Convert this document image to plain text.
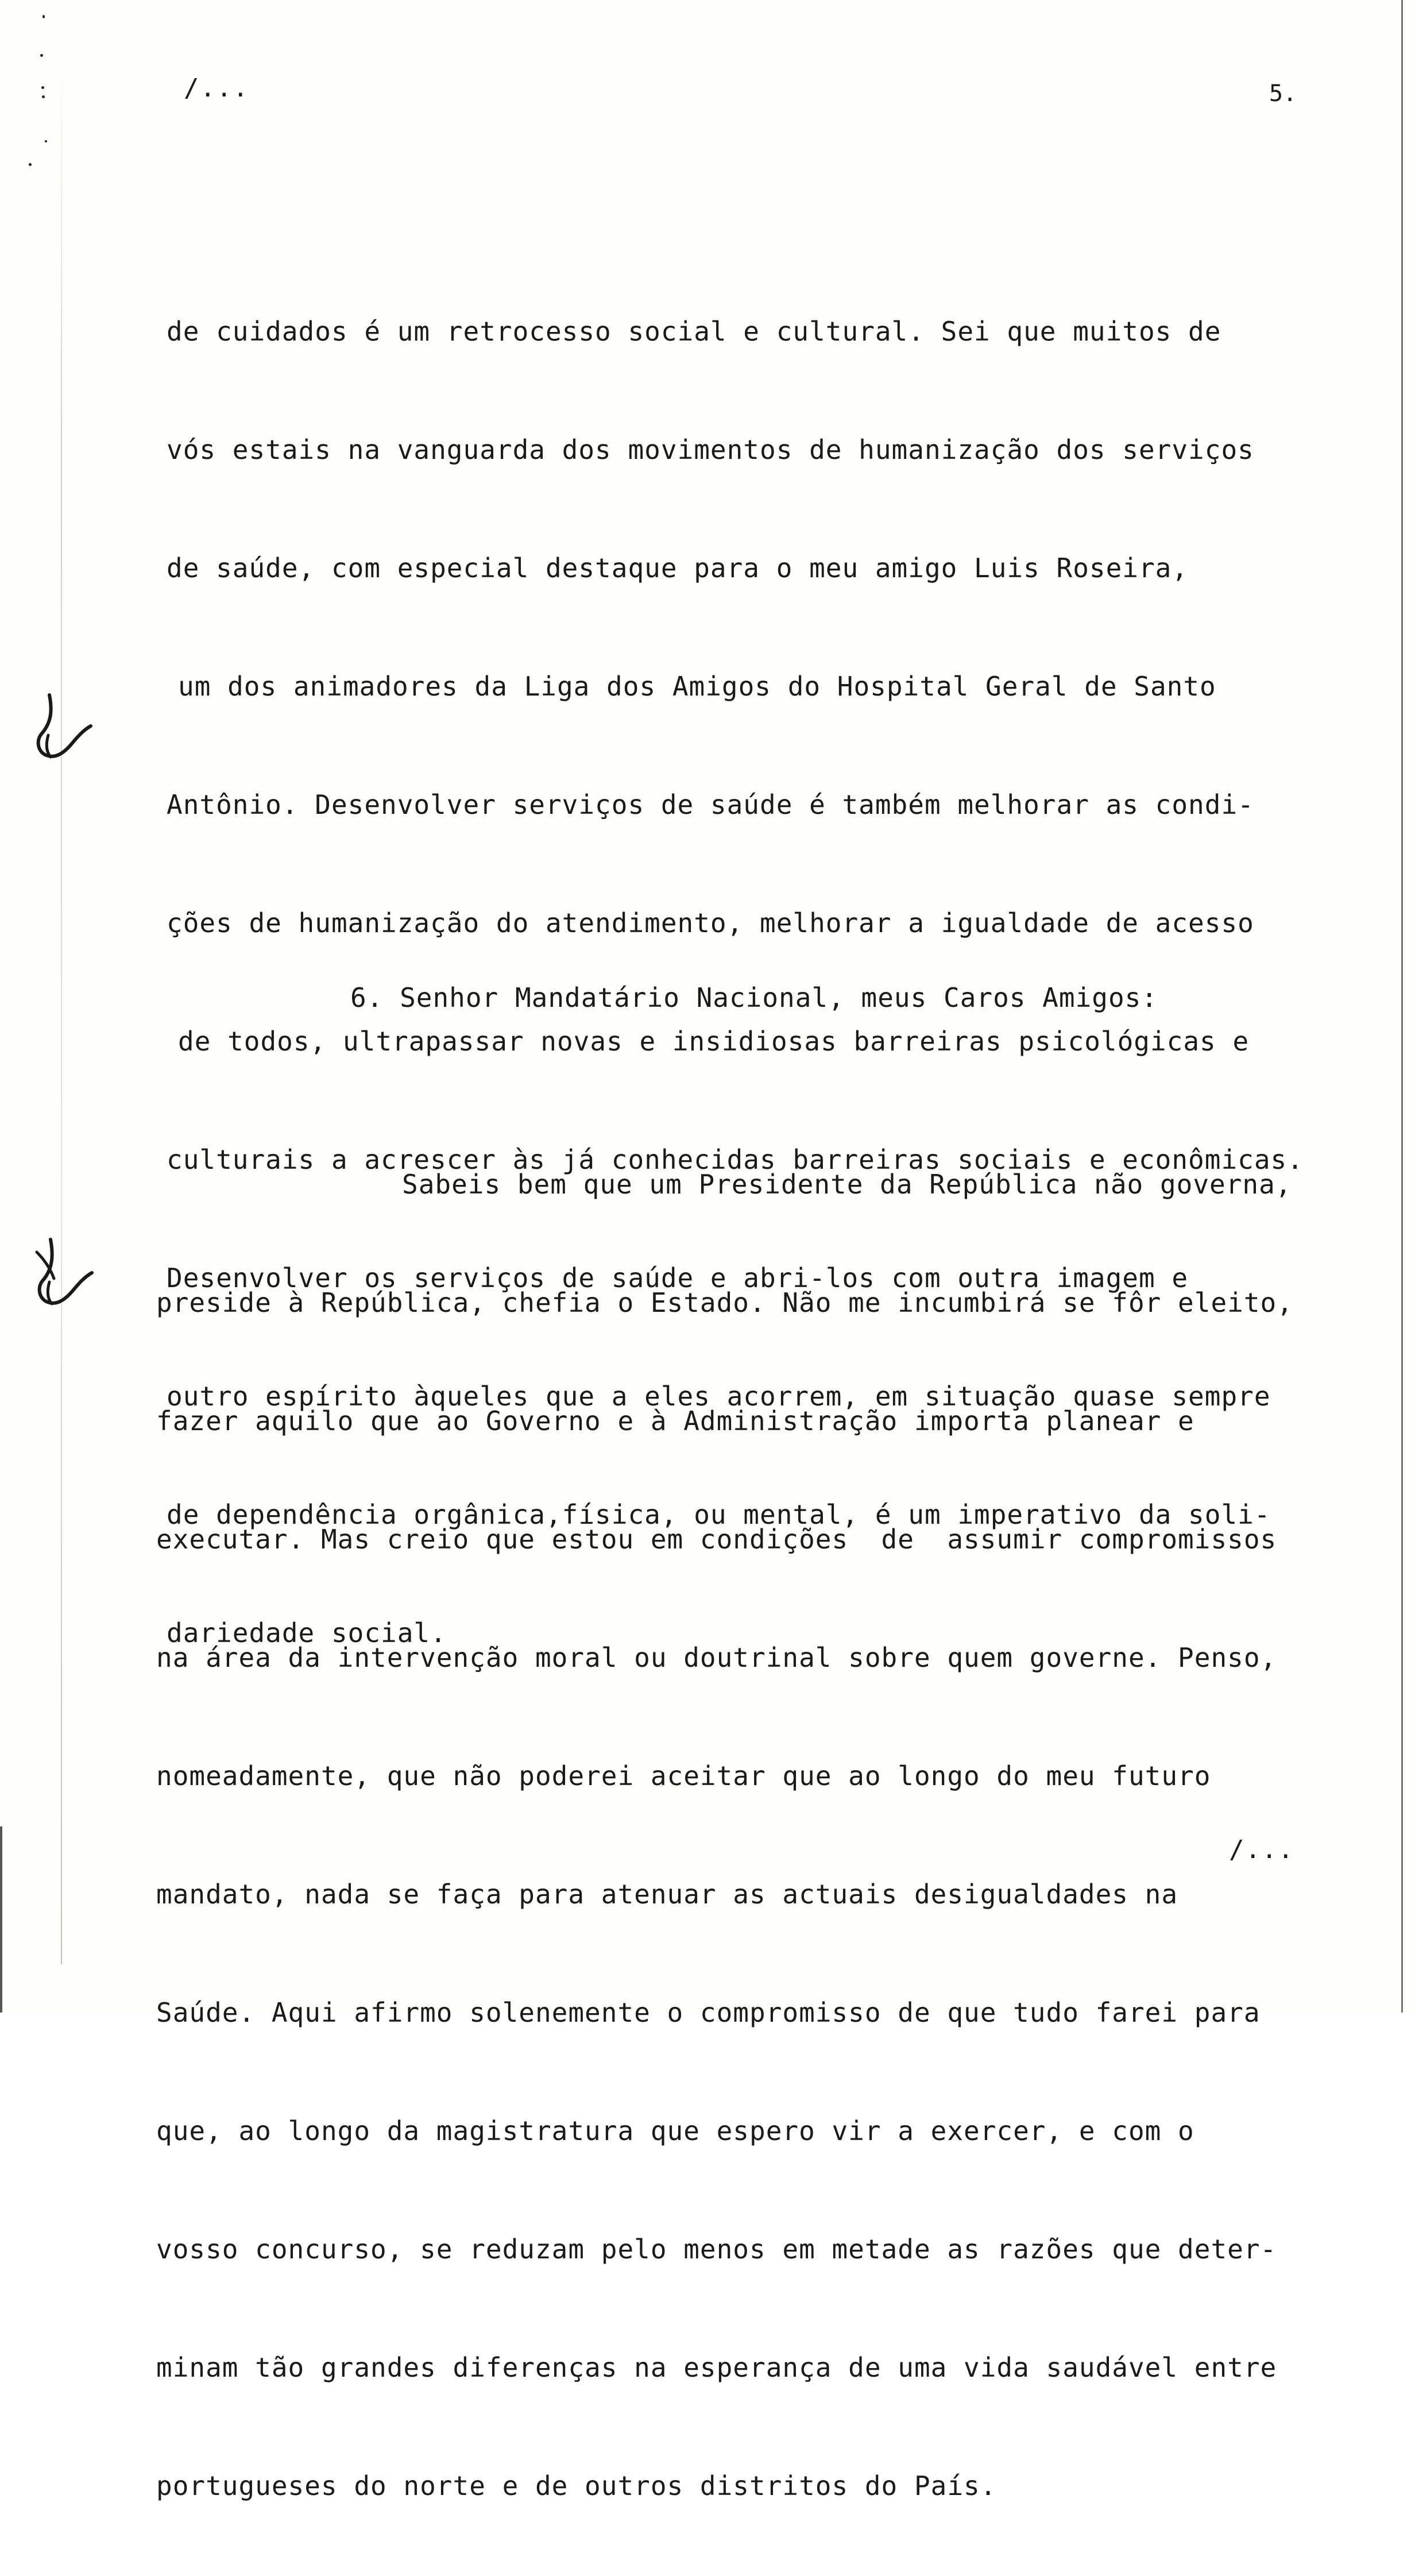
/...	5.

de cuidados é um retrocesso social e cultural. Sei que muitos de

vós estais na vanguarda dos movimentos de humanização dos serviços

de saúde, com especial destaque para o meu amigo Luis Roseira,

um dos animadores da Liga dos Amigos do Hospital Geral de Santo

Antônio. Desenvolver serviços de saúde é também melhorar as condi-

ções de humanização do atendimento, melhorar a igualdade de acesso

de todos, ultrapassar novas e insidiosas barreiras psicológicas e

culturais a acrescer às já conhecidas barreiras sociais e econômicas.

Desenvolver os serviços de saúde e abri-los com outra imagem e

outro espírito àqueles que a eles acorrem, em situação quase sempre

de dependência orgânica,física, ou mental, é um imperativo da soli-

dariedade social.

6. Senhor Mandatário Nacional, meus Caros Amigos:

Sabeis bem que um Presidente da República não governa,

preside à República, chefia o Estado. Não me incumbirá se fôr eleito,

fazer aquilo que ao Governo e à Administração importa planear e

executar. Mas creio que estou em condições  de  assumir compromissos

na área da intervenção moral ou doutrinal sobre quem governe. Penso,

nomeadamente, que não poderei aceitar que ao longo do meu futuro

mandato, nada se faça para atenuar as actuais desigualdades na

Saúde. Aqui afirmo solenemente o compromisso de que tudo farei para

que, ao longo da magistratura que espero vir a exercer, e com o

vosso concurso, se reduzam pelo menos em metade as razões que deter-

minam tão grandes diferenças na esperança de uma vida saudável entre

portugueses do norte e de outros distritos do País.

/...
